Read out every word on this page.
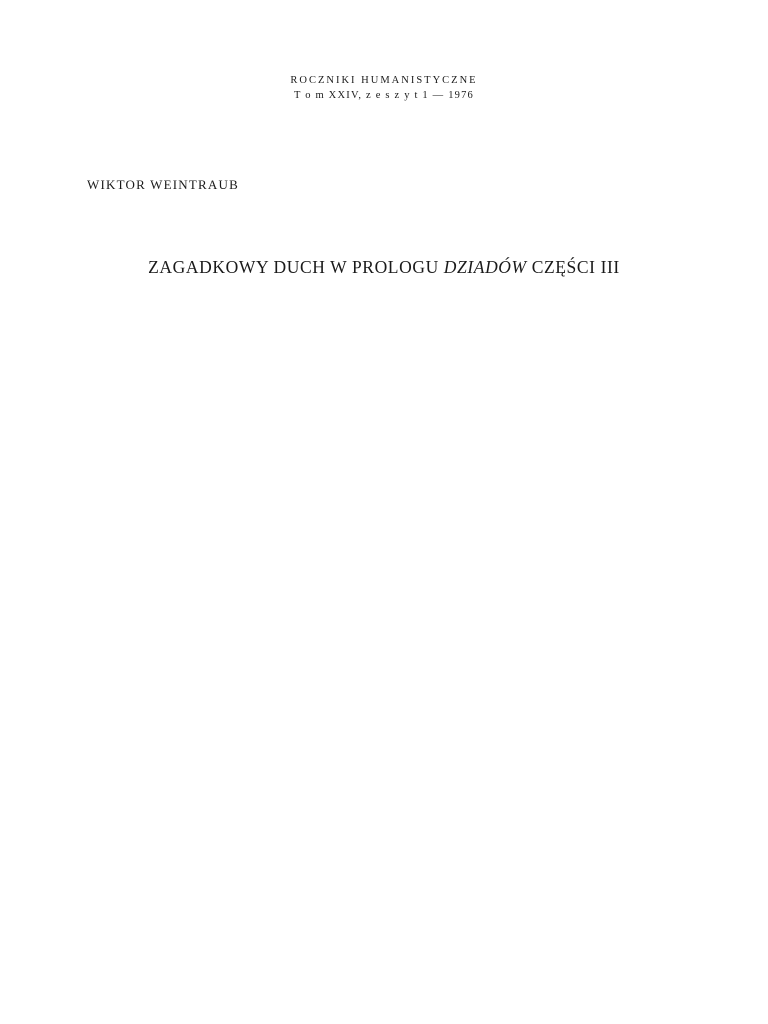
ROCZNIKI HUMANISTYCZNE
T o m XXIV, z e s z y t 1 — 1976
WIKTOR WEINTRAUB
ZAGADKOWY DUCH W PROLOGU DZIADÓW CZĘŚCI III
